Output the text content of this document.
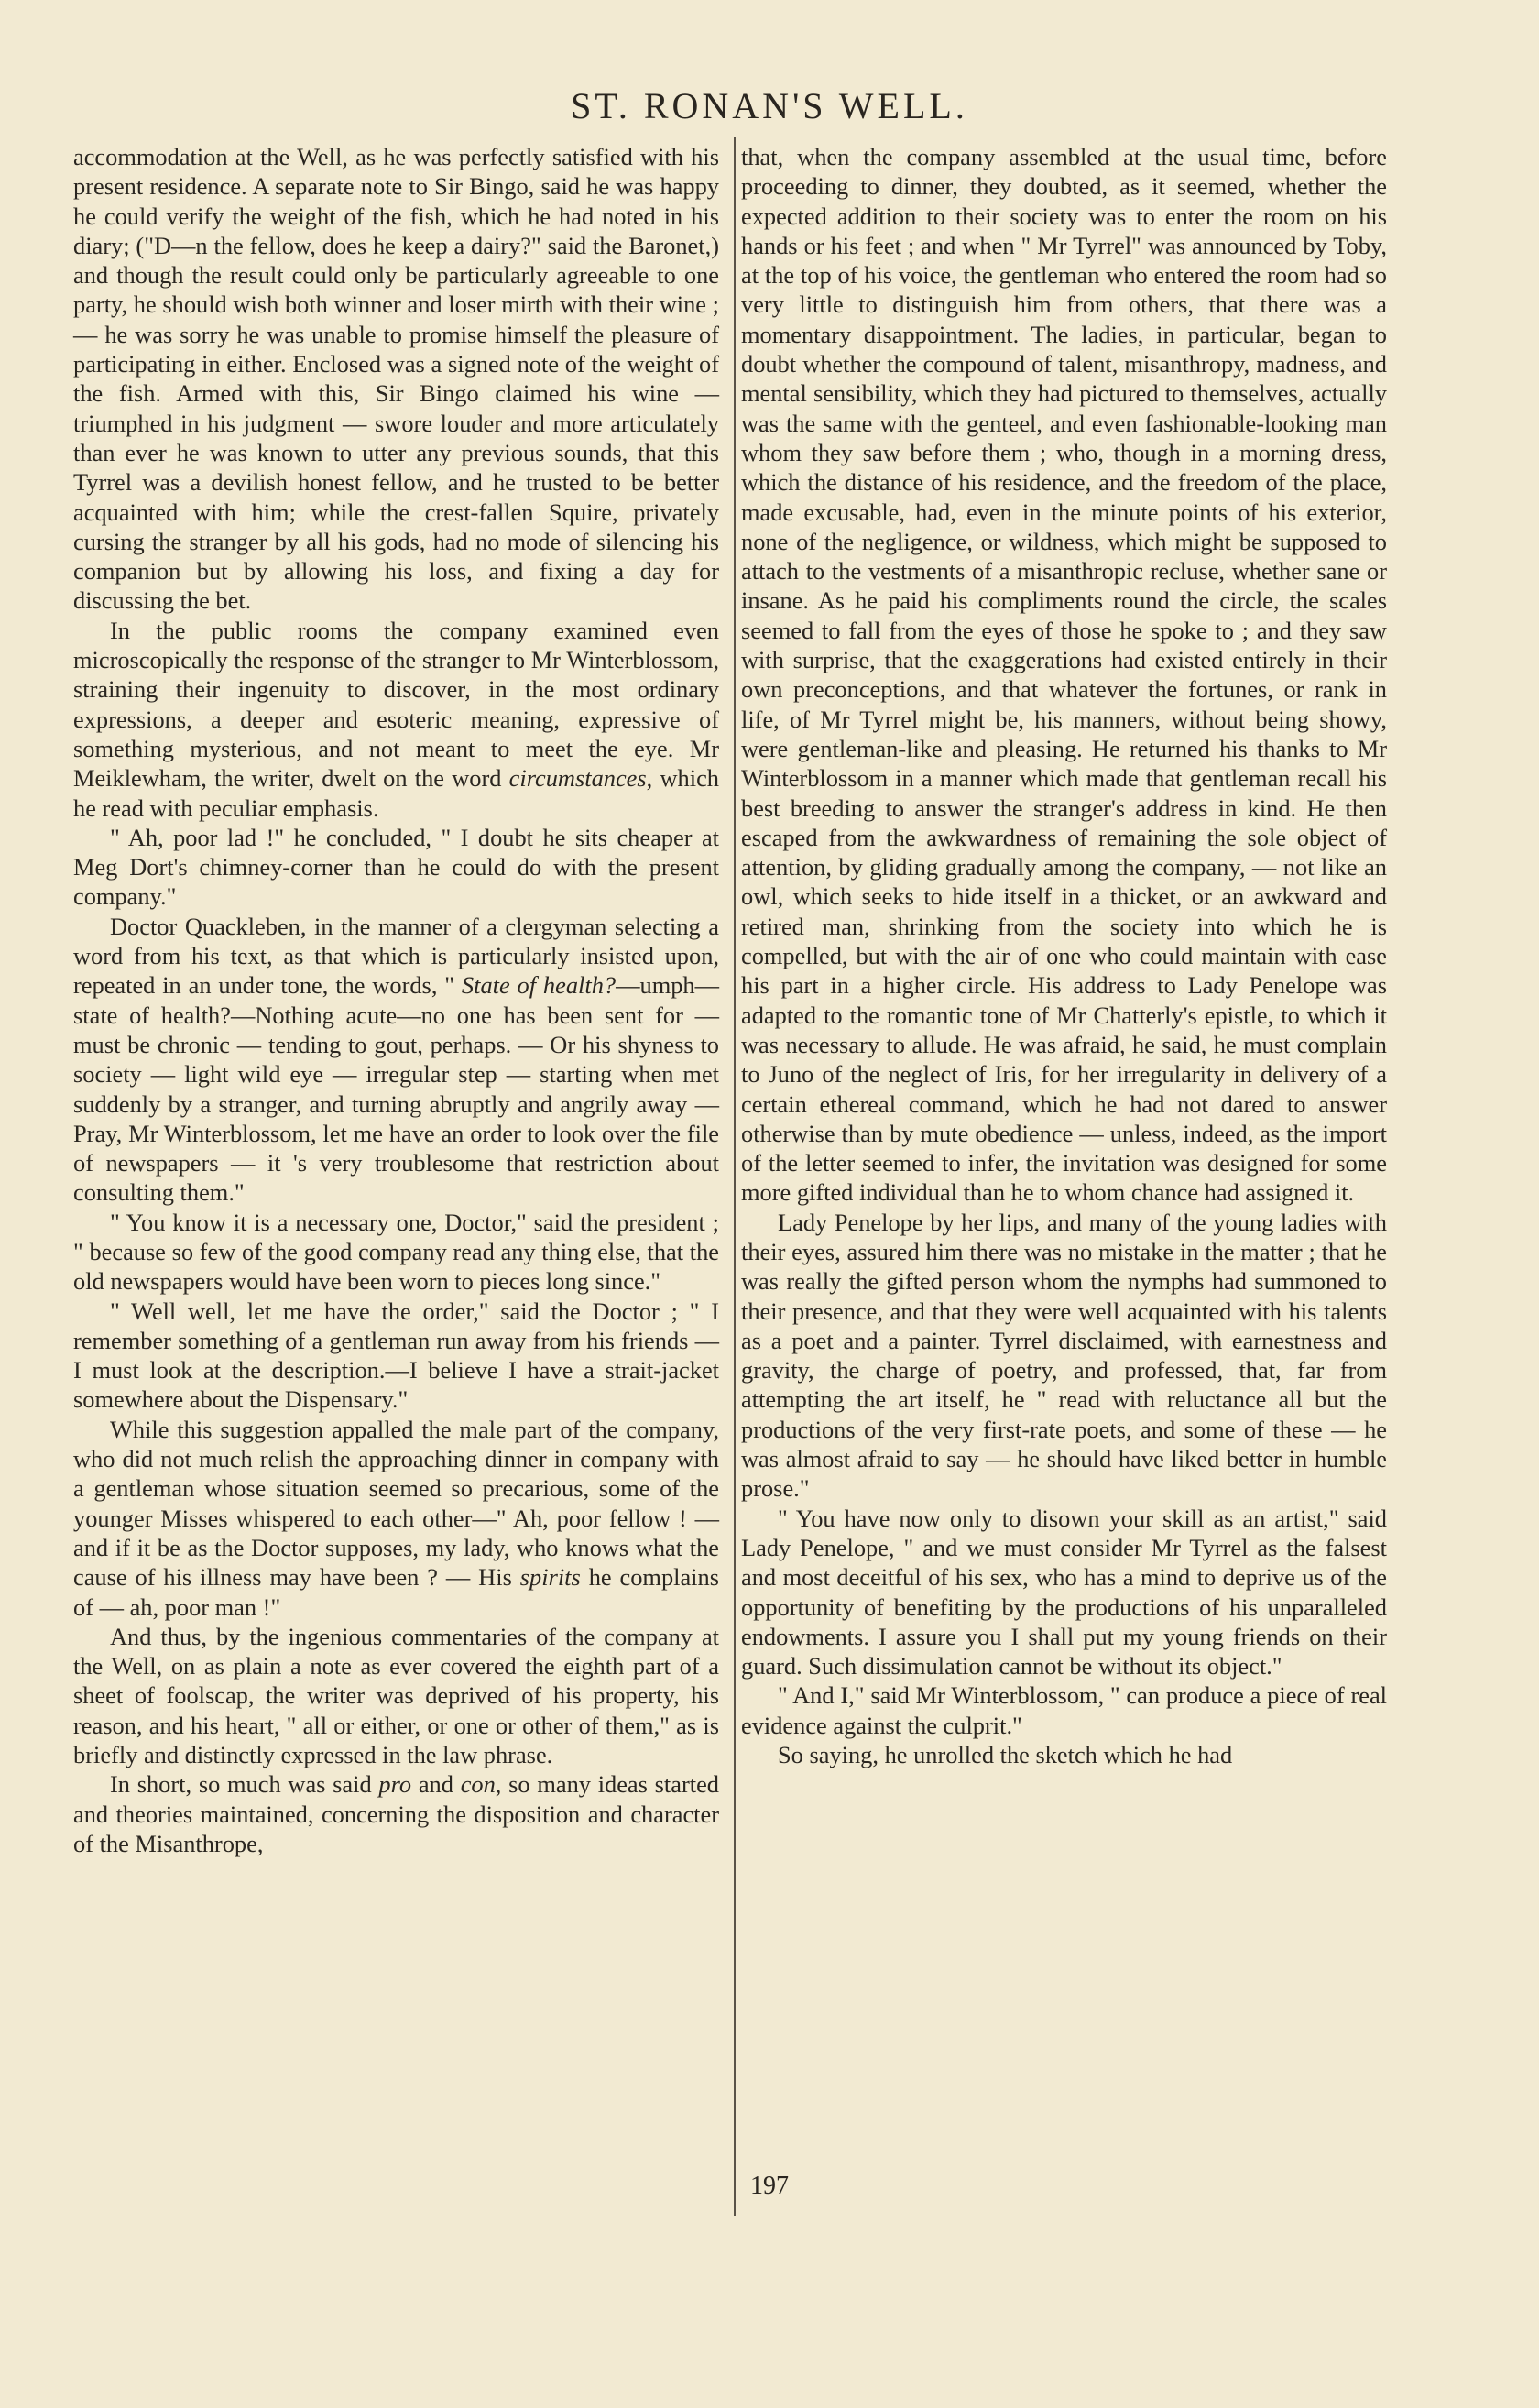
ST. RONAN'S WELL.

accommodation at the Well, as he was perfectly satisfied with his present residence. A separate note to Sir Bingo, said he was happy he could verify the weight of the fish, which he had noted in his diary; ("D—n the fellow, does he keep a dairy?" said the Baronet,) and though the result could only be particularly agreeable to one party, he should wish both winner and loser mirth with their wine ; — he was sorry he was unable to promise himself the pleasure of participating in either. Enclosed was a signed note of the weight of the fish. Armed with this, Sir Bingo claimed his wine — triumphed in his judgment — swore louder and more articulately than ever he was known to utter any previous sounds, that this Tyrrel was a devilish honest fellow, and he trusted to be better acquainted with him; while the crest-fallen Squire, privately cursing the stranger by all his gods, had no mode of silencing his companion but by allowing his loss, and fixing a day for discussing the bet.

In the public rooms the company examined even microscopically the response of the stranger to Mr Winterblossom, straining their ingenuity to discover, in the most ordinary expressions, a deeper and esoteric meaning, expressive of something mysterious, and not meant to meet the eye. Mr Meiklewham, the writer, dwelt on the word circumstances, which he read with peculiar emphasis.

" Ah, poor lad !" he concluded, " I doubt he sits cheaper at Meg Dort's chimney-corner than he could do with the present company."

Doctor Quackleben, in the manner of a clergyman selecting a word from his text, as that which is particularly insisted upon, repeated in an under tone, the words, " State of health?—umph—state of health?—Nothing acute—no one has been sent for — must be chronic — tending to gout, perhaps. — Or his shyness to society — light wild eye — irregular step — starting when met suddenly by a stranger, and turning abruptly and angrily away — Pray, Mr Winterblossom, let me have an order to look over the file of newspapers — it 's very troublesome that restriction about consulting them."

" You know it is a necessary one, Doctor," said the president ; " because so few of the good company read any thing else, that the old newspapers would have been worn to pieces long since."

" Well well, let me have the order," said the Doctor ; " I remember something of a gentleman run away from his friends — I must look at the description.—I believe I have a strait-jacket somewhere about the Dispensary."

While this suggestion appalled the male part of the company, who did not much relish the approaching dinner in company with a gentleman whose situation seemed so precarious, some of the younger Misses whispered to each other—" Ah, poor fellow ! — and if it be as the Doctor supposes, my lady, who knows what the cause of his illness may have been ? — His spirits he complains of — ah, poor man !"

And thus, by the ingenious commentaries of the company at the Well, on as plain a note as ever covered the eighth part of a sheet of foolscap, the writer was deprived of his property, his reason, and his heart, " all or either, or one or other of them," as is briefly and distinctly expressed in the law phrase.

In short, so much was said pro and con, so many ideas started and theories maintained, concerning the disposition and character of the Misanthrope,

that, when the company assembled at the usual time, before proceeding to dinner, they doubted, as it seemed, whether the expected addition to their society was to enter the room on his hands or his feet ; and when " Mr Tyrrel" was announced by Toby, at the top of his voice, the gentleman who entered the room had so very little to distinguish him from others, that there was a momentary disappointment. The ladies, in particular, began to doubt whether the compound of talent, misanthropy, madness, and mental sensibility, which they had pictured to themselves, actually was the same with the genteel, and even fashionable-looking man whom they saw before them ; who, though in a morning dress, which the distance of his residence, and the freedom of the place, made excusable, had, even in the minute points of his exterior, none of the negligence, or wildness, which might be supposed to attach to the vestments of a misanthropic recluse, whether sane or insane. As he paid his compliments round the circle, the scales seemed to fall from the eyes of those he spoke to ; and they saw with surprise, that the exaggerations had existed entirely in their own preconceptions, and that whatever the fortunes, or rank in life, of Mr Tyrrel might be, his manners, without being showy, were gentleman-like and pleasing. He returned his thanks to Mr Winterblossom in a manner which made that gentleman recall his best breeding to answer the stranger's address in kind. He then escaped from the awkwardness of remaining the sole object of attention, by gliding gradually among the company, — not like an owl, which seeks to hide itself in a thicket, or an awkward and retired man, shrinking from the society into which he is compelled, but with the air of one who could maintain with ease his part in a higher circle. His address to Lady Penelope was adapted to the romantic tone of Mr Chatterly's epistle, to which it was necessary to allude. He was afraid, he said, he must complain to Juno of the neglect of Iris, for her irregularity in delivery of a certain ethereal command, which he had not dared to answer otherwise than by mute obedience — unless, indeed, as the import of the letter seemed to infer, the invitation was designed for some more gifted individual than he to whom chance had assigned it.

Lady Penelope by her lips, and many of the young ladies with their eyes, assured him there was no mistake in the matter ; that he was really the gifted person whom the nymphs had summoned to their presence, and that they were well acquainted with his talents as a poet and a painter. Tyrrel disclaimed, with earnestness and gravity, the charge of poetry, and professed, that, far from attempting the art itself, he " read with reluctance all but the productions of the very first-rate poets, and some of these — he was almost afraid to say — he should have liked better in humble prose."

" You have now only to disown your skill as an artist," said Lady Penelope, " and we must consider Mr Tyrrel as the falsest and most deceitful of his sex, who has a mind to deprive us of the opportunity of benefiting by the productions of his unparalleled endowments. I assure you I shall put my young friends on their guard. Such dissimulation cannot be without its object."

" And I," said Mr Winterblossom, " can produce a piece of real evidence against the culprit."

So saying, he unrolled the sketch which he had

197
